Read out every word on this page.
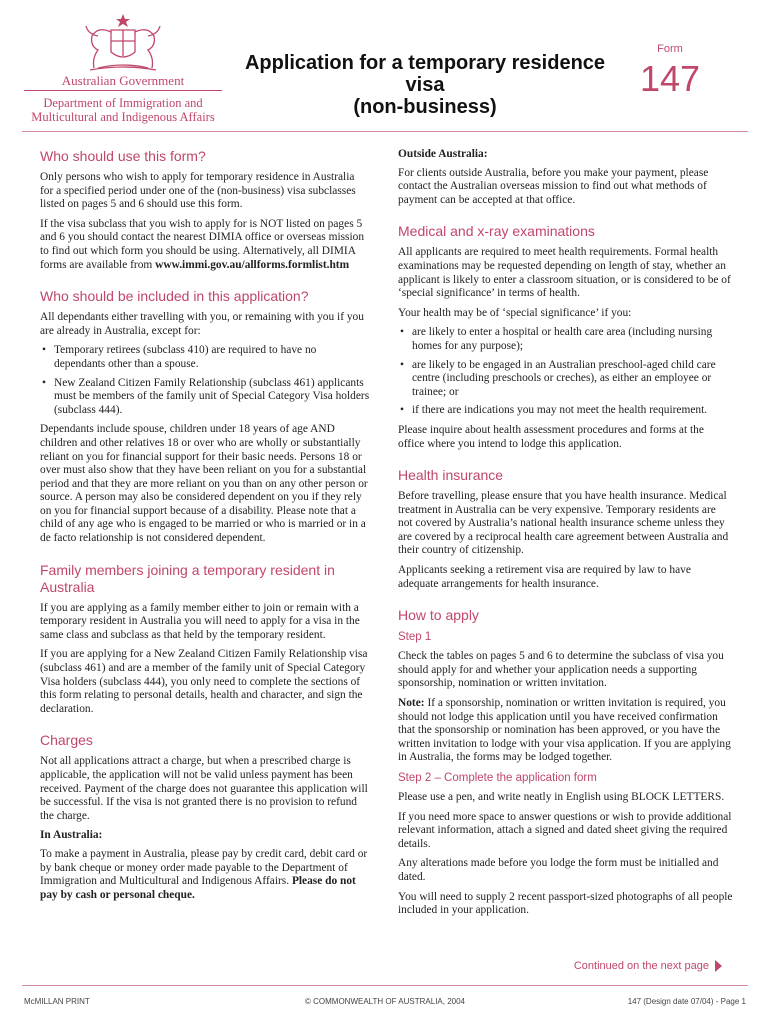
Australian Government
Department of Immigration and
Multicultural and Indigenous Affairs
Application for a temporary residence visa
(non-business)
Form
147
Who should use this form?

Only persons who wish to apply for temporary residence in Australia for a specified period under one of the (non-business) visa subclasses listed on pages 5 and 6 should use this form.

If the visa subclass that you wish to apply for is NOT listed on pages 5 and 6 you should contact the nearest DIMIA office or overseas mission to find out which form you should be using. Alternatively, all DIMIA forms are available from www.immi.gov.au/allforms.formlist.htm

Who should be included in this application?

All dependants either travelling with you, or remaining with you if you are already in Australia, except for:

• Temporary retirees (subclass 410) are required to have no dependants other than a spouse.
• New Zealand Citizen Family Relationship (subclass 461) applicants must be members of the family unit of Special Category Visa holders (subclass 444).

Dependants include spouse, children under 18 years of age AND children and other relatives 18 or over who are wholly or substantially reliant on you for financial support for their basic needs. Persons 18 or over must also show that they have been reliant on you for a substantial period and that they are more reliant on you than on any other person or source. A person may also be considered dependent on you if they rely on you for financial support because of a disability. Please note that a child of any age who is engaged to be married or who is married or in a de facto relationship is not considered dependent.

Family members joining a temporary resident in Australia

If you are applying as a family member either to join or remain with a temporary resident in Australia you will need to apply for a visa in the same class and subclass as that held by the temporary resident.

If you are applying for a New Zealand Citizen Family Relationship visa (subclass 461) and are a member of the family unit of Special Category Visa holders (subclass 444), you only need to complete the sections of this form relating to personal details, health and character, and sign the declaration.

Charges

Not all applications attract a charge, but when a prescribed charge is applicable, the application will not be valid unless payment has been received. Payment of the charge does not guarantee this application will be successful. If the visa is not granted there is no provision to refund the charge.

In Australia:

To make a payment in Australia, please pay by credit card, debit card or by bank cheque or money order made payable to the Department of Immigration and Multicultural and Indigenous Affairs. Please do not pay by cash or personal cheque.

Outside Australia:

For clients outside Australia, before you make your payment, please contact the Australian overseas mission to find out what methods of payment can be accepted at that office.

Medical and x-ray examinations

All applicants are required to meet health requirements. Formal health examinations may be requested depending on length of stay, whether an applicant is likely to enter a classroom situation, or is considered to be of ‘special significance’ in terms of health.

Your health may be of ‘special significance’ if you:

• are likely to enter a hospital or health care area (including nursing homes for any purpose);
• are likely to be engaged in an Australian preschool-aged child care centre (including preschools or creches), as either an employee or trainee; or
• if there are indications you may not meet the health requirement.

Please inquire about health assessment procedures and forms at the office where you intend to lodge this application.

Health insurance

Before travelling, please ensure that you have health insurance. Medical treatment in Australia can be very expensive. Temporary residents are not covered by Australia’s national health insurance scheme unless they are covered by a reciprocal health care agreement between Australia and their country of citizenship.

Applicants seeking a retirement visa are required by law to have adequate arrangements for health insurance.

How to apply
Step 1

Check the tables on pages 5 and 6 to determine the subclass of visa you should apply for and whether your application needs a supporting sponsorship, nomination or written invitation.

Note: If a sponsorship, nomination or written invitation is required, you should not lodge this application until you have received confirmation that the sponsorship or nomination has been approved, or you have the written invitation to lodge with your visa application. If you are applying in Australia, the forms may be lodged together.

Step 2 – Complete the application form

Please use a pen, and write neatly in English using BLOCK LETTERS.

If you need more space to answer questions or wish to provide additional relevant information, attach a signed and dated sheet giving the required details.

Any alterations made before you lodge the form must be initialled and dated.

You will need to supply 2 recent passport-sized photographs of all people included in your application.

Continued on the next page
McMILLAN PRINT	© COMMONWEALTH OF AUSTRALIA, 2004	147 (Design date 07/04) - Page 1
